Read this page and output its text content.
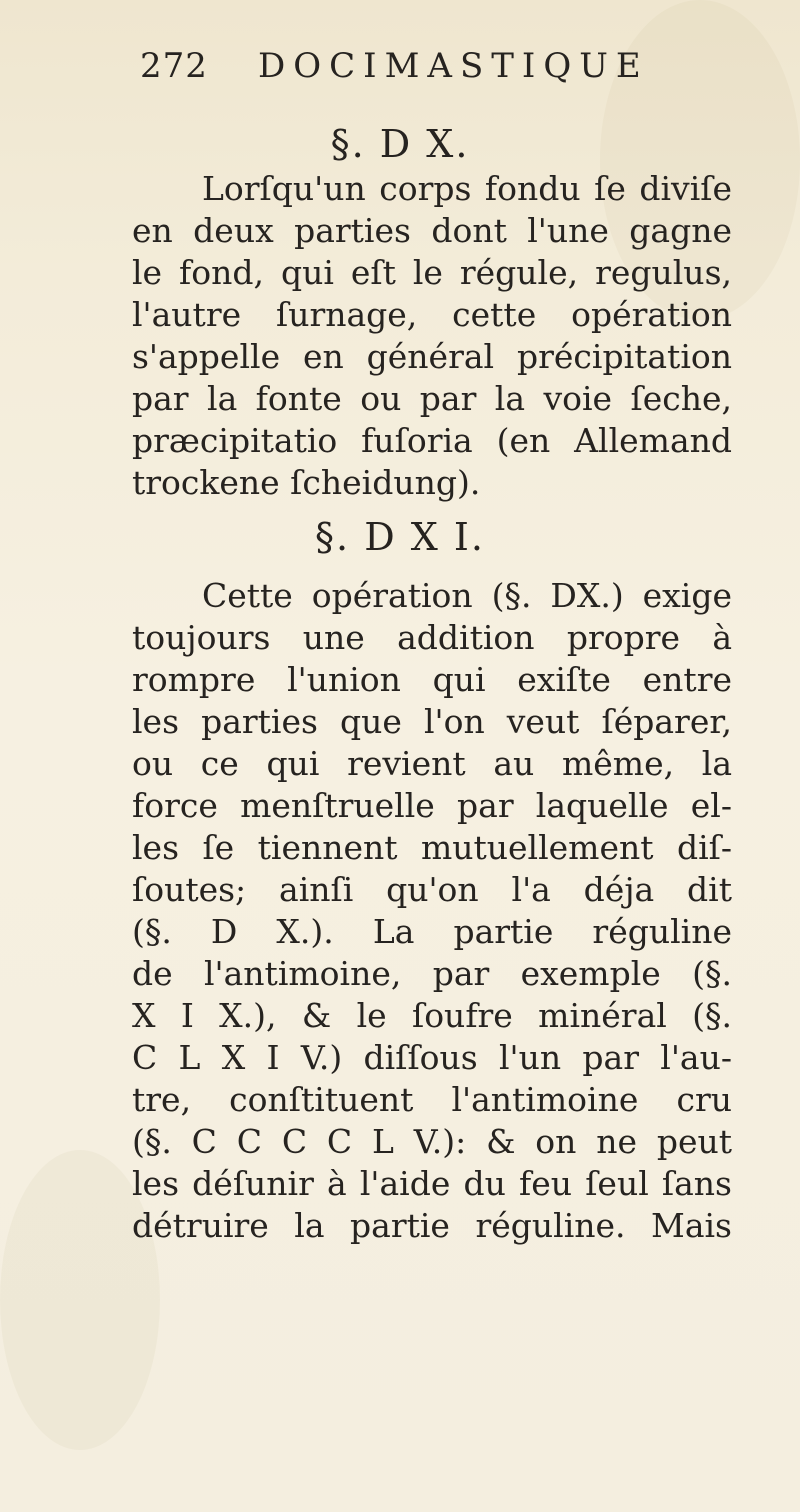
272 DOCIMASTIQUE
§. D X.
Lorſqu'un corps fondu ſe diviſe
en deux parties dont l'une gagne
le fond, qui eſt le régule, regulus,
l'autre ſurnage, cette opération
s'appelle en général précipitation
par la fonte ou par la voie ſeche,
præcipitatio fuſoria (en Allemand
trockene ſcheidung).
§. D X I.
Cette opération (§. DX.) exige
toujours une addition propre à
rompre l'union qui exiſte entre
les parties que l'on veut ſéparer,
ou ce qui revient au même, la
force menſtruelle par laquelle el-
les ſe tiennent mutuellement diſ-
ſoutes; ainſi qu'on l'a déja dit
(§. D X.). La partie réguline
de l'antimoine, par exemple (§.
X I X.), & le ſoufre minéral (§.
C L X I V.) diſſous l'un par l'au-
tre, conſtituent l'antimoine cru
(§. C C C C L V.): & on ne peut
les déſunir à l'aide du feu ſeul ſans
détruire la partie réguline. Mais
